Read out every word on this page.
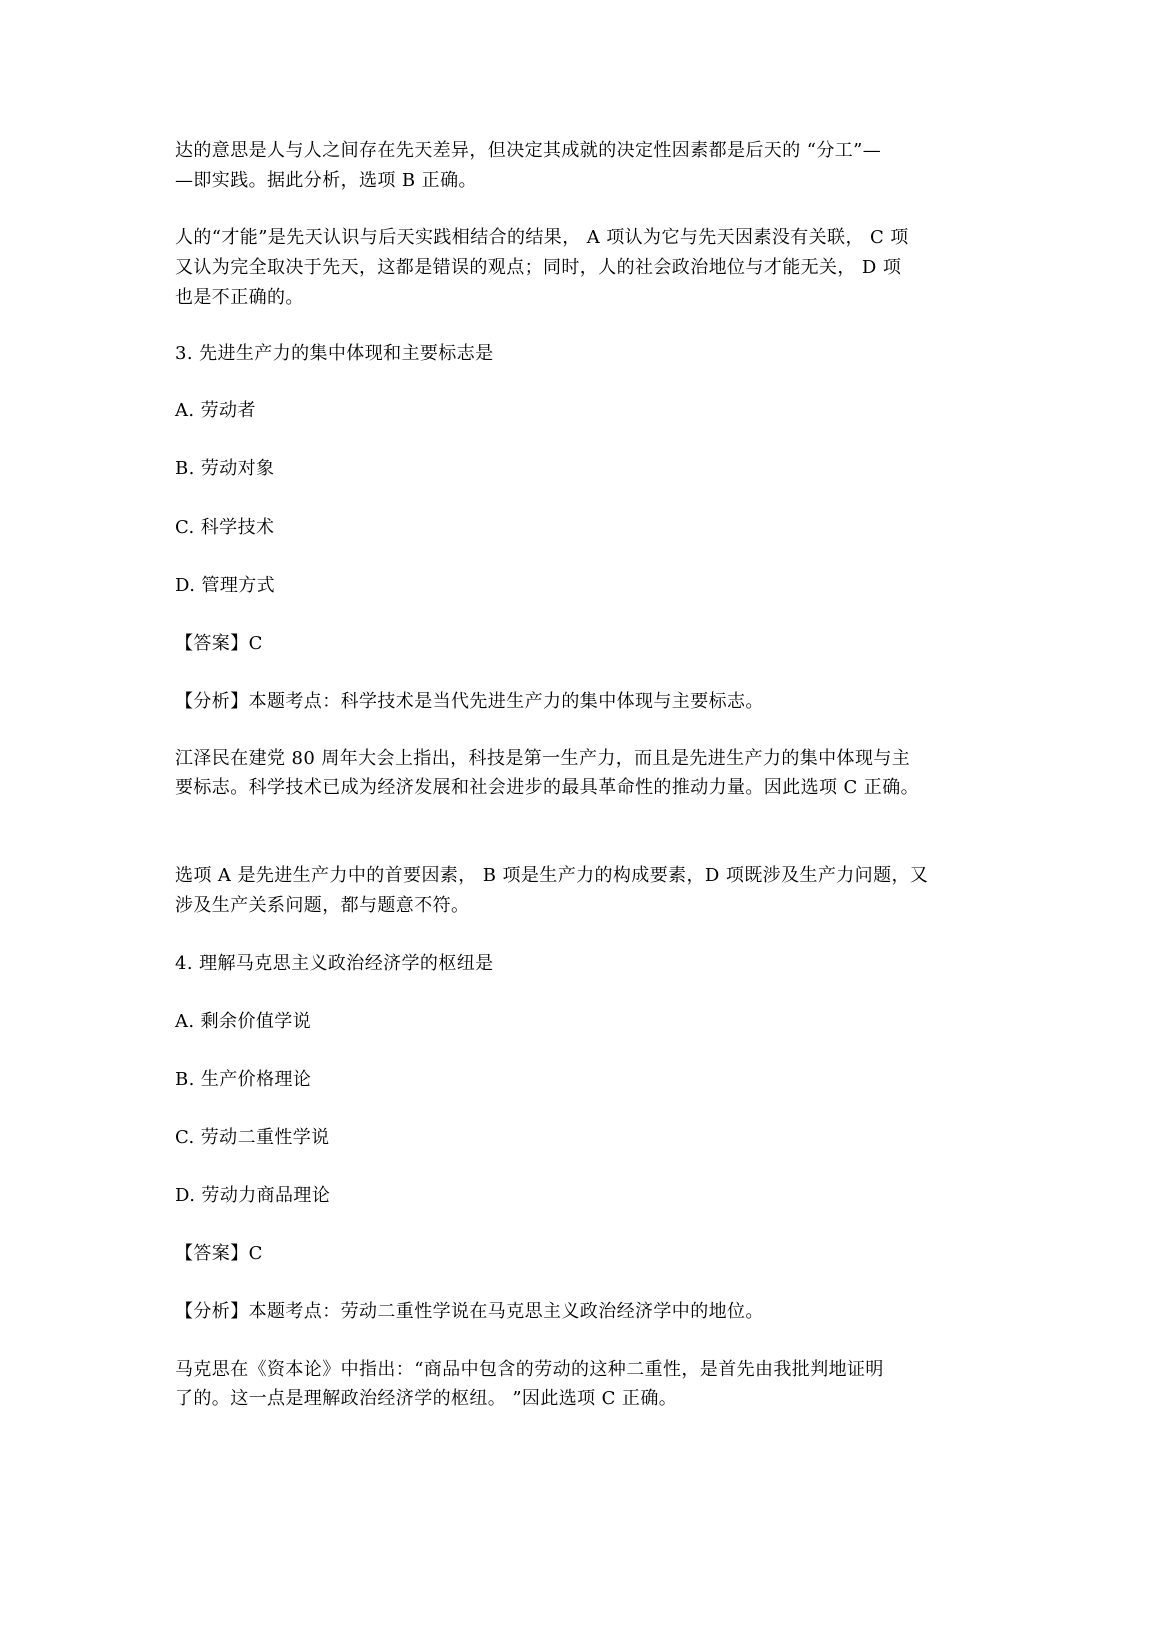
达的意思是人与人之间存在先天差异，但决定其成就的决定性因素都是后天的 “分工”—
—即实践。据此分析，选项 B 正确。
人的“才能”是先天认识与后天实践相结合的结果， A 项认为它与先天因素没有关联， C 项
又认为完全取决于先天，这都是错误的观点；同时，人的社会政治地位与才能无关， D 项
也是不正确的。
3. 先进生产力的集中体现和主要标志是
A. 劳动者
B. 劳动对象
C. 科学技术
D. 管理方式
【答案】C
【分析】本题考点：科学技术是当代先进生产力的集中体现与主要标志。
江泽民在建党 80 周年大会上指出，科技是第一生产力，而且是先进生产力的集中体现与主
要标志。科学技术已成为经济发展和社会进步的最具革命性的推动力量。因此选项 C 正确。
选项 A 是先进生产力中的首要因素， B 项是生产力的构成要素，D 项既涉及生产力问题，又
涉及生产关系问题，都与题意不符。
4. 理解马克思主义政治经济学的枢纽是
A. 剩余价值学说
B. 生产价格理论
C. 劳动二重性学说
D. 劳动力商品理论
【答案】C
【分析】本题考点：劳动二重性学说在马克思主义政治经济学中的地位。
马克思在《资本论》中指出：“商品中包含的劳动的这种二重性，是首先由我批判地证明
了的。这一点是理解政治经济学的枢纽。 ”因此选项 C 正确。
